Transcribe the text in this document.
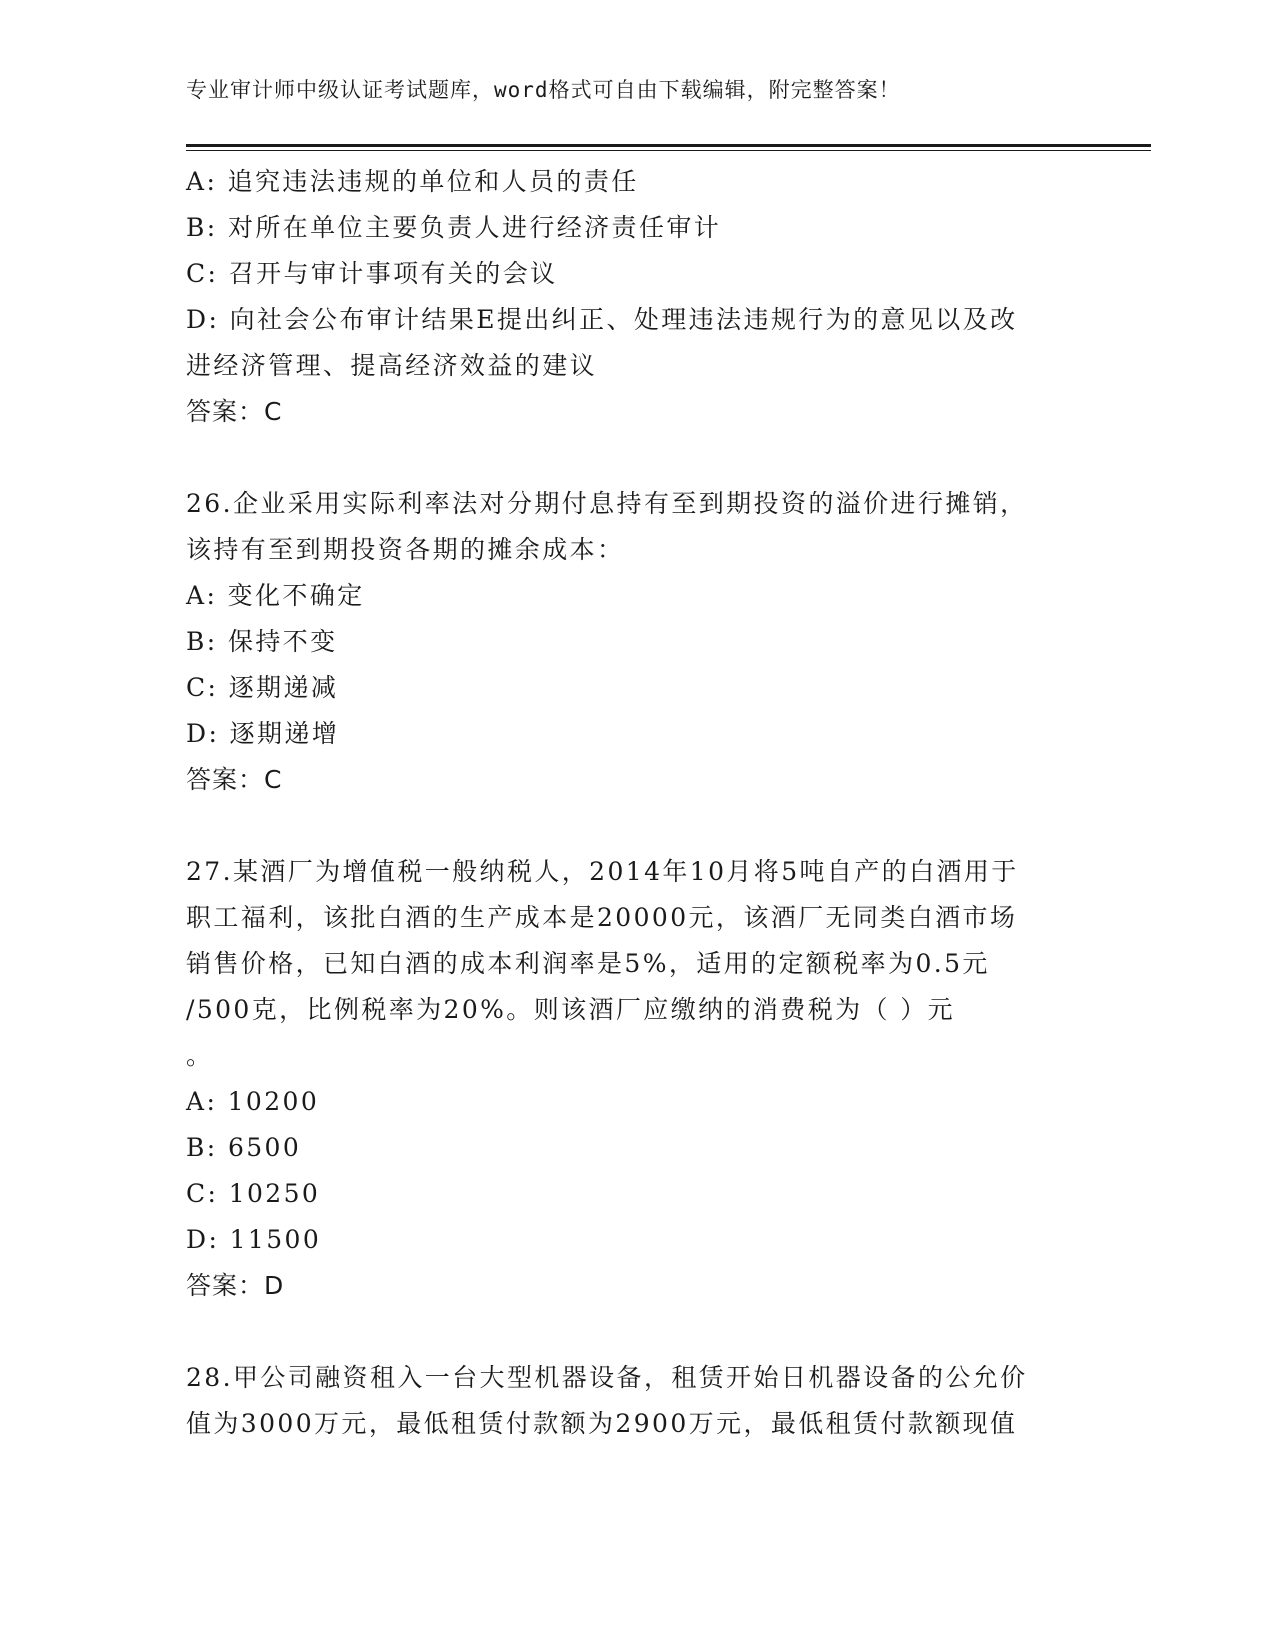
专业审计师中级认证考试题库，word格式可自由下载编辑，附完整答案！
A: 追究违法违规的单位和人员的责任
B: 对所在单位主要负责人进行经济责任审计
C: 召开与审计事项有关的会议
D: 向社会公布审计结果E提出纠正、处理违法违规行为的意见以及改
进经济管理、提高经济效益的建议
答案：C
26.企业采用实际利率法对分期付息持有至到期投资的溢价进行摊销，
该持有至到期投资各期的摊余成本：
A: 变化不确定
B: 保持不变
C: 逐期递减
D: 逐期递增
答案：C
27.某酒厂为增值税一般纳税人，2014年10月将5吨自产的白酒用于
职工福利，该批白酒的生产成本是20000元，该酒厂无同类白酒市场
销售价格，已知白酒的成本利润率是5%，适用的定额税率为0.5元
/500克，比例税率为20%。则该酒厂应缴纳的消费税为（ ）元
。
A: 10200
B: 6500
C: 10250
D: 11500
答案：D
28.甲公司融资租入一台大型机器设备，租赁开始日机器设备的公允价
值为3000万元，最低租赁付款额为2900万元，最低租赁付款额现值
